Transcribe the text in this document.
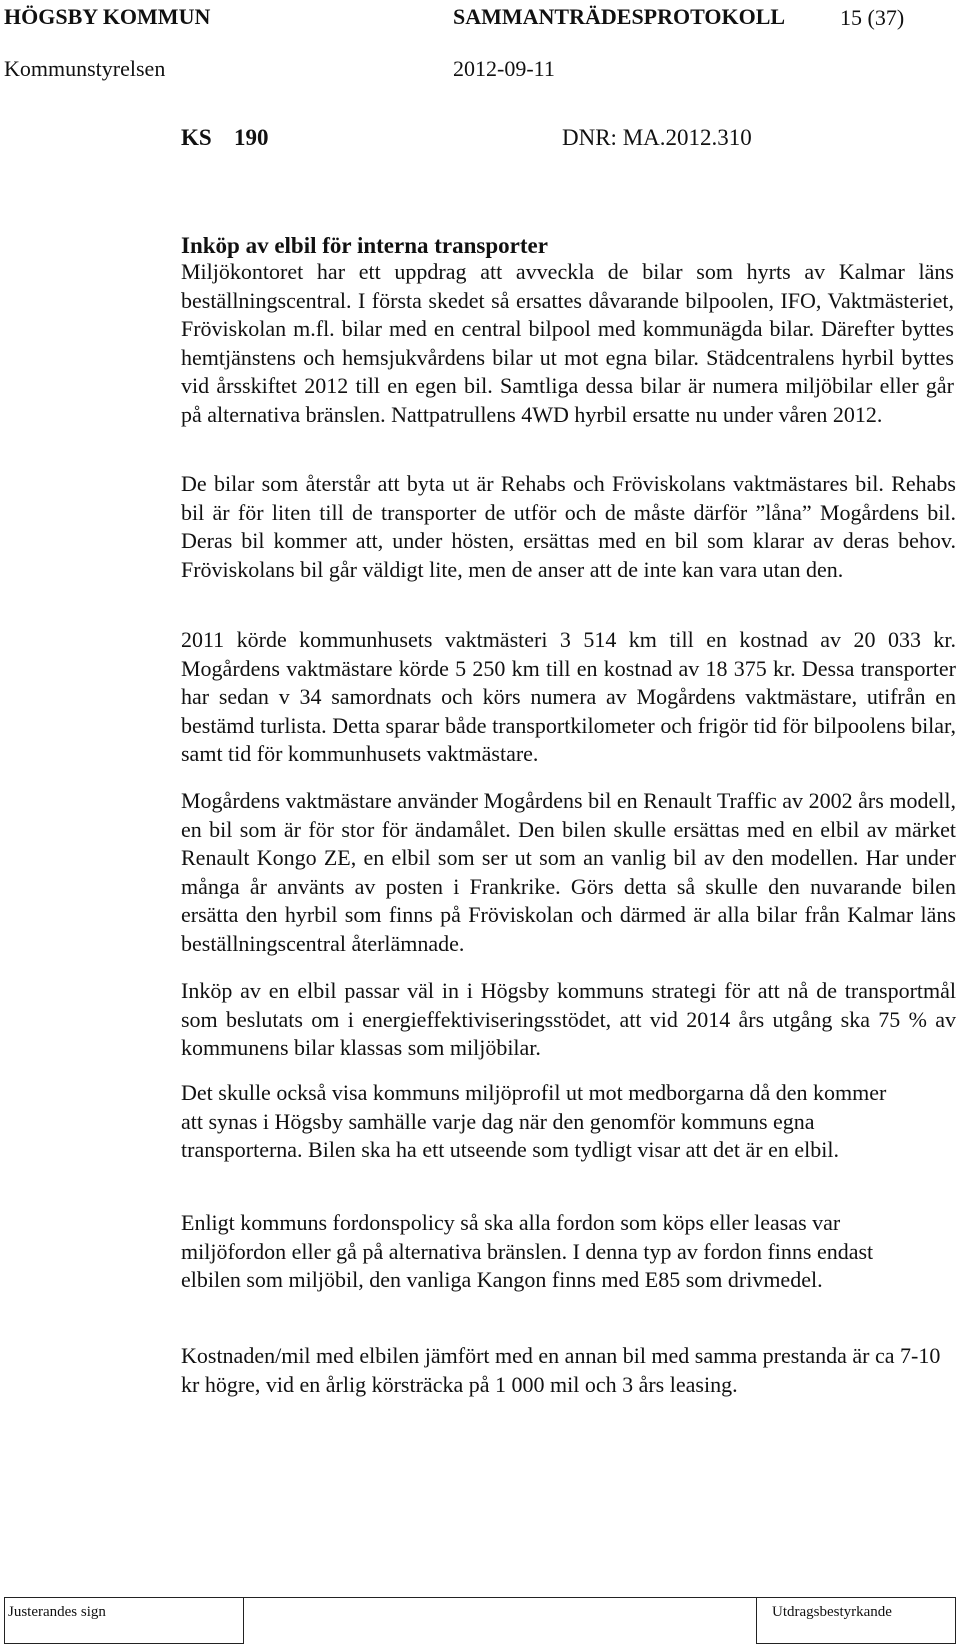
HÖGSBY KOMMUN	SAMMANTRÄDESPROTOKOLL 15 (37)
Kommunstyrelsen	2012-09-11
KS 190	DNR: MA.2012.310
Inköp av elbil för interna transporter

Miljökontoret har ett uppdrag att avveckla de bilar som hyrts av Kalmar läns beställningscentral. I första skedet så ersattes dåvarande bilpoolen, IFO, Vaktmästeriet, Fröviskolan m.fl. bilar med en central bilpool med kommunägda bilar. Därefter byttes hemtjänstens och hemsjukvårdens bilar ut mot egna bilar. Städcentralens hyrbil byttes vid årsskiftet 2012 till en egen bil. Samtliga dessa bilar är numera miljöbilar eller går på alternativa bränslen. Nattpatrullens 4WD hyrbil ersatte nu under våren 2012.

De bilar som återstår att byta ut är Rehabs och Fröviskolans vaktmästares bil. Rehabs bil är för liten till de transporter de utför och de måste därför ”låna” Mogårdens bil. Deras bil kommer att, under hösten, ersättas med en bil som klarar av deras behov. Fröviskolans bil går väldigt lite, men de anser att de inte kan vara utan den.

2011 körde kommunhusets vaktmästeri 3 514 km till en kostnad av 20 033 kr. Mogårdens vaktmästare körde 5 250 km till en kostnad av 18 375 kr. Dessa transporter har sedan v 34 samordnats och körs numera av Mogårdens vaktmästare, utifrån en bestämd turlista. Detta sparar både transportkilometer och frigör tid för bilpoolens bilar, samt tid för kommunhusets vaktmästare.

Mogårdens vaktmästare använder Mogårdens bil en Renault Traffic av 2002 års modell, en bil som är för stor för ändamålet. Den bilen skulle ersättas med en elbil av märket Renault Kongo ZE, en elbil som ser ut som an vanlig bil av den modellen. Har under många år använts av posten i Frankrike. Görs detta så skulle den nuvarande bilen ersätta den hyrbil som finns på Fröviskolan och därmed är alla bilar från Kalmar läns beställningscentral återlämnade.

Inköp av en elbil passar väl in i Högsby kommuns strategi för att nå de transportmål som beslutats om i energieffektiviseringsstödet, att vid 2014 års utgång ska 75 % av kommunens bilar klassas som miljöbilar.

Det skulle också visa kommuns miljöprofil ut mot medborgarna då den kommer att synas i Högsby samhälle varje dag när den genomför kommuns egna transporterna. Bilen ska ha ett utseende som tydligt visar att det är en elbil.

Enligt kommuns fordonspolicy så ska alla fordon som köps eller leasas var miljöfordon eller gå på alternativa bränslen. I denna typ av fordon finns endast elbilen som miljöbil, den vanliga Kangon finns med E85 som drivmedel.

Kostnaden/mil med elbilen jämfört med en annan bil med samma prestanda är ca 7-10 kr högre, vid en årlig körsträcka på 1 000 mil och 3 års leasing.

Justerandes sign	Utdragsbestyrkande
